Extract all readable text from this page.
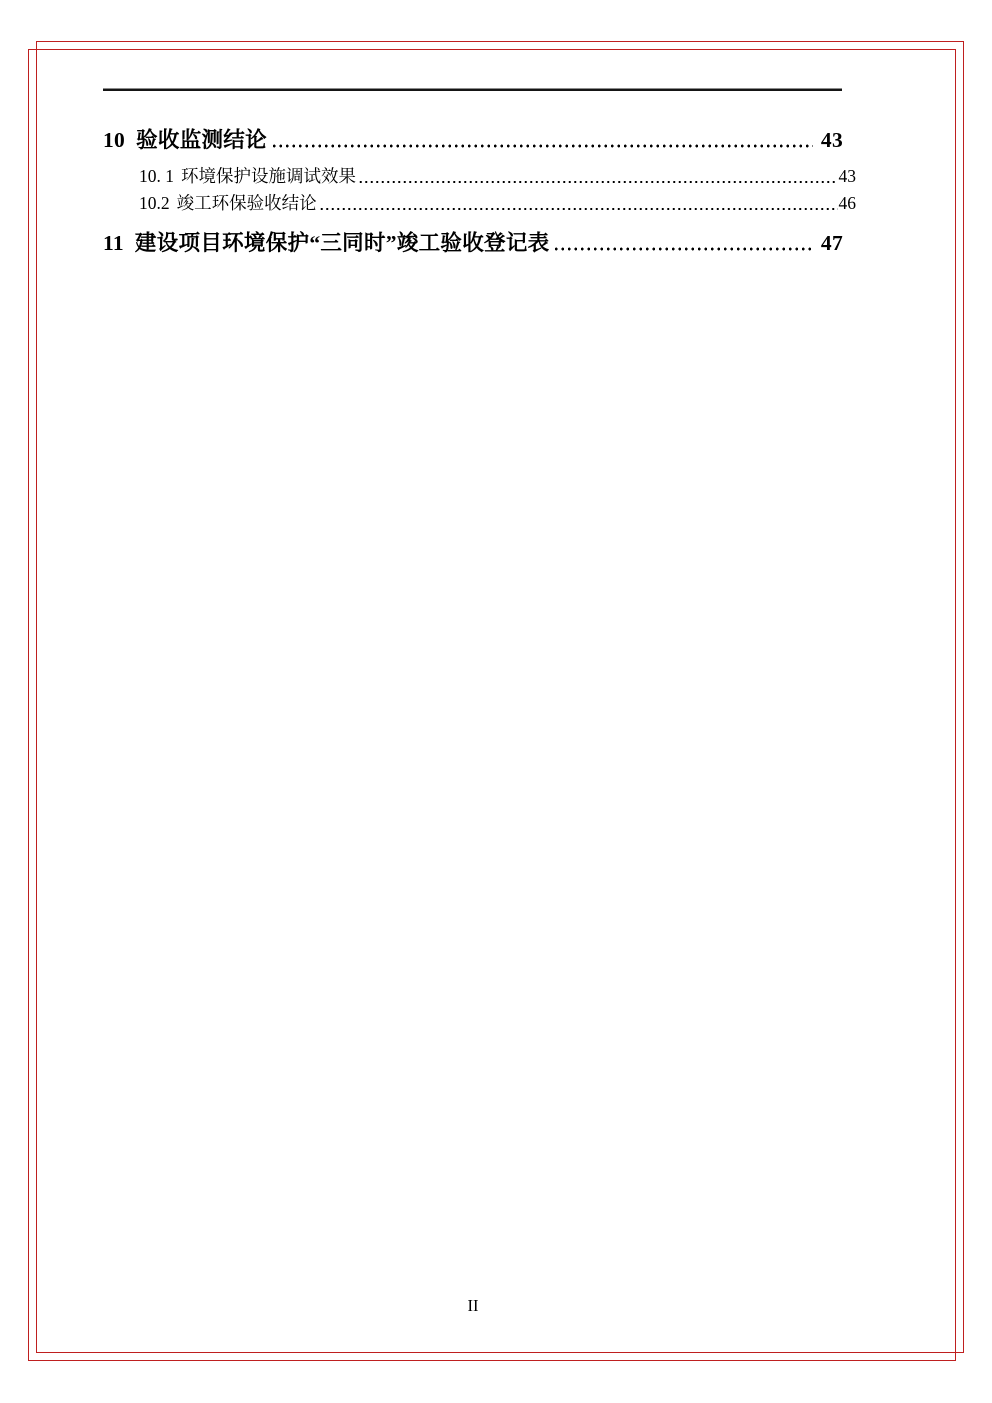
10 验收监测结论	43
10. 1 环境保护设施调试效果	43
10.2 竣工环保验收结论	46
11 建设项目环境保护“三同时”竣工验收登记表	47
II
